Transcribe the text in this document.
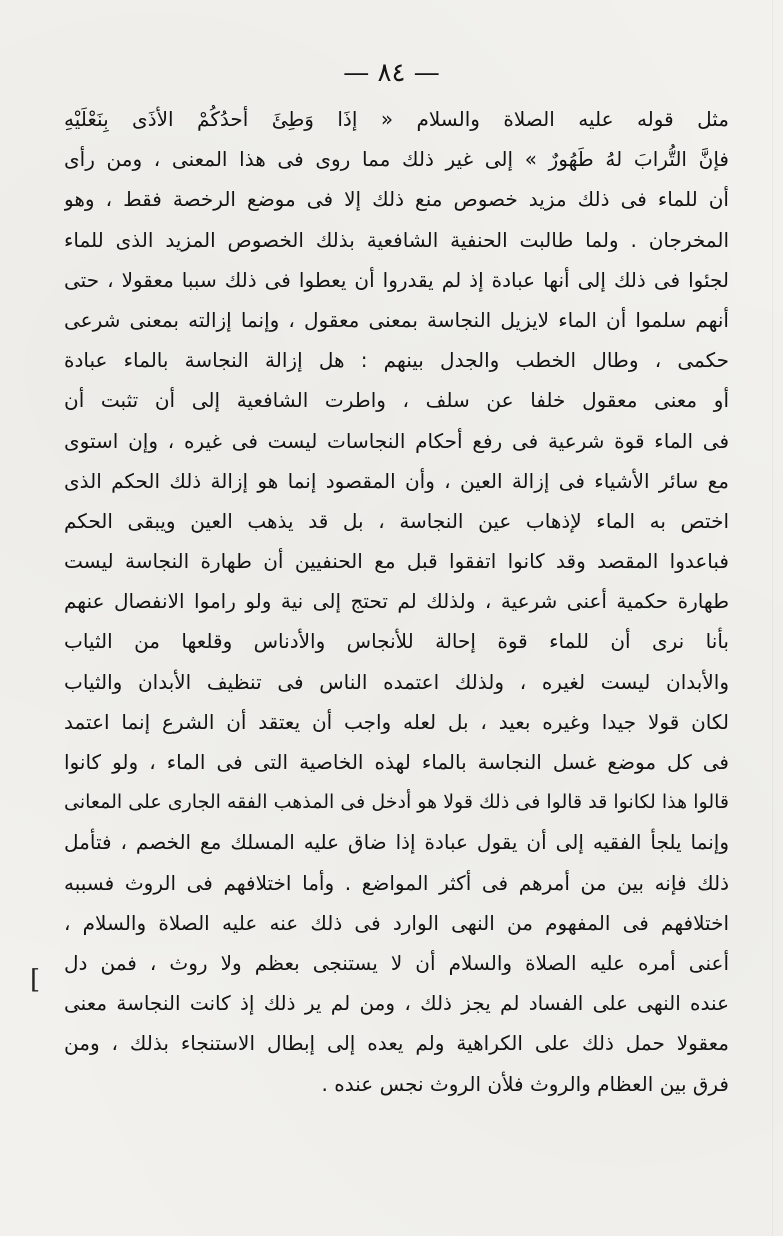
— ٨٤ —
[
مثل قوله عليه الصلاة والسلام « إذَا وَطِئَ أحدُكُمْ الأذَى بِنَعْلَيْهِ
فإنَّ التُّرابَ لهُ طَهُورٌ » إلى غير ذلك مما روى فى هذا المعنى ، ومن رأى
أن للماء فى ذلك مزيد خصوص منع ذلك إلا فى موضع الرخصة فقط ، وهو
المخرجان . ولما طالبت الحنفية الشافعية بذلك الخصوص المزيد الذى للماء
لجئوا فى ذلك إلى أنها عبادة إذ لم يقدروا أن يعطوا فى ذلك سببا معقولا ، حتى
أنهم سلموا أن الماء لايزيل النجاسة بمعنى معقول ، وإنما إزالته بمعنى شرعى
حكمى ، وطال الخطب والجدل بينهم : هل إزالة النجاسة بالماء عبادة
أو معنى معقول خلفا عن سلف ، واطرت الشافعية إلى أن تثبت أن
فى الماء قوة شرعية فى رفع أحكام النجاسات ليست فى غيره ، وإن استوى
مع سائر الأشياء فى إزالة العين ، وأن المقصود إنما هو إزالة ذلك الحكم الذى
اختص به الماء لإذهاب عين النجاسة ، بل قد يذهب العين ويبقى الحكم
فباعدوا المقصد وقد كانوا اتفقوا قبل مع الحنفيين أن طهارة النجاسة ليست
طهارة حكمية أعنى شرعية ، ولذلك لم تحتج إلى نية ولو راموا الانفصال عنهم
بأنا نرى أن للماء قوة إحالة للأنجاس والأدناس وقلعها من الثياب
والأبدان ليست لغيره ، ولذلك اعتمده الناس فى تنظيف الأبدان والثياب
لكان قولا جيدا وغيره بعيد ، بل لعله واجب أن يعتقد أن الشرع إنما اعتمد
فى كل موضع غسل النجاسة بالماء لهذه الخاصية التى فى الماء ، ولو كانوا
قالوا هذا لكانوا قد قالوا فى ذلك قولا هو أدخل فى المذهب الفقه الجارى على المعانى
وإنما يلجأ الفقيه إلى أن يقول عبادة إذا ضاق عليه المسلك مع الخصم ، فتأمل
ذلك فإنه بين من أمرهم فى أكثر المواضع . وأما اختلافهم فى الروث فسببه
اختلافهم فى المفهوم من النهى الوارد فى ذلك عنه عليه الصلاة والسلام ،
أعنى أمره عليه الصلاة والسلام أن لا يستنجى بعظم ولا روث ، فمن دل
عنده النهى على الفساد لم يجز ذلك ، ومن لم ير ذلك إذ كانت النجاسة معنى
معقولا حمل ذلك على الكراهية ولم يعده إلى إبطال الاستنجاء بذلك ، ومن
فرق بين العظام والروث فلأن الروث نجس عنده .
